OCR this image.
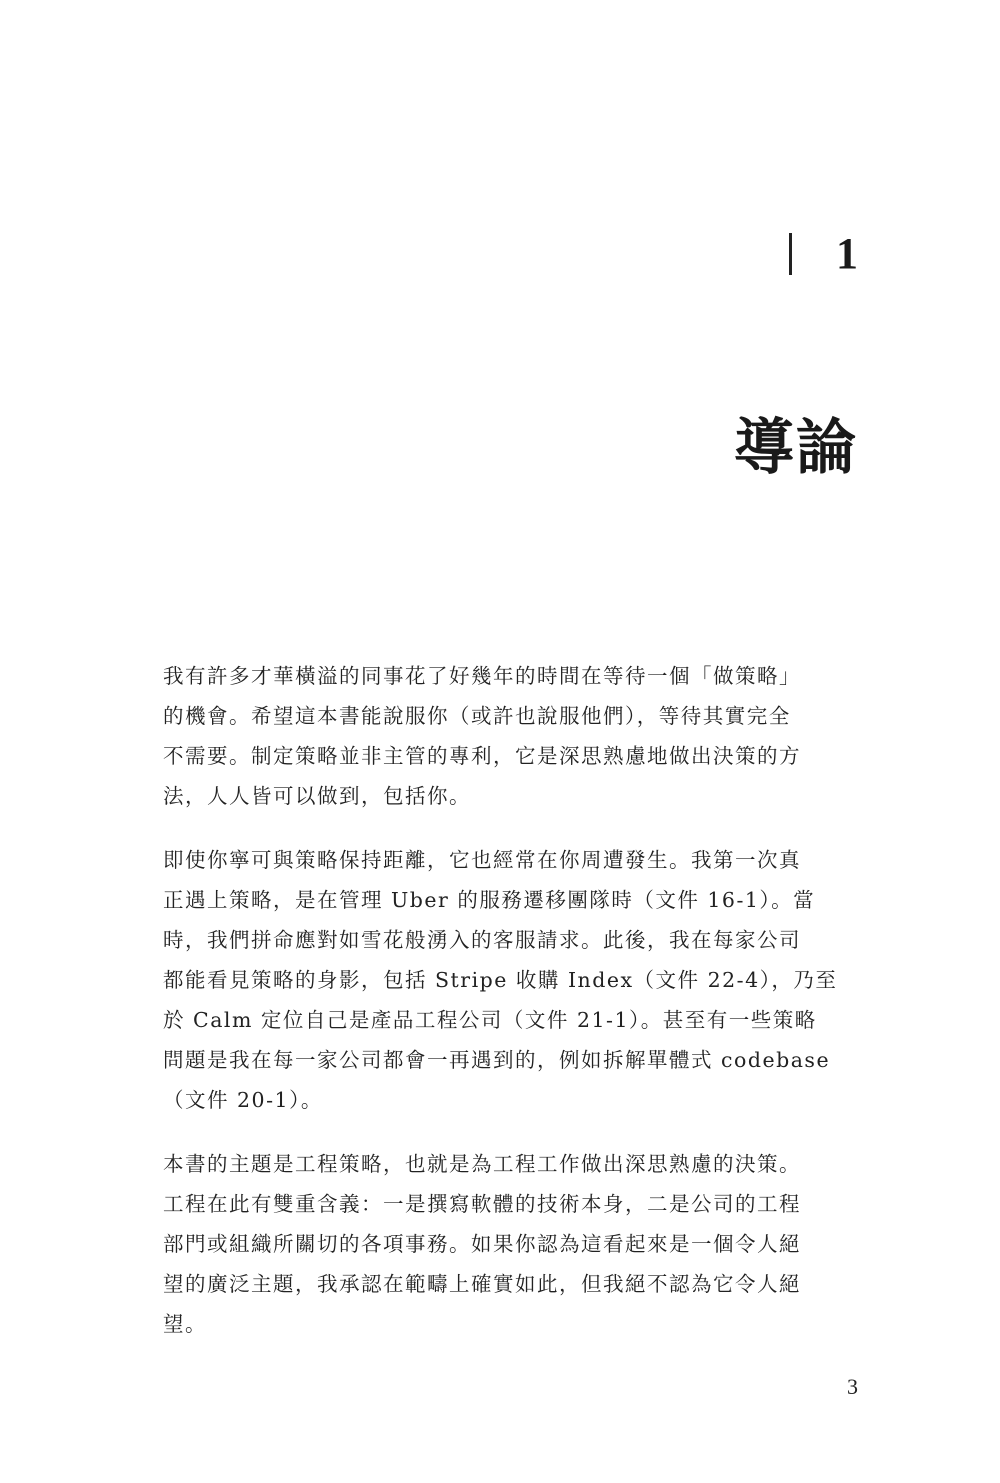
1
導論

我有許多才華橫溢的同事花了好幾年的時間在等待一個「做策略」
的機會。希望這本書能說服你（或許也說服他們），等待其實完全
不需要。制定策略並非主管的專利，它是深思熟慮地做出決策的方
法，人人皆可以做到，包括你。

即使你寧可與策略保持距離，它也經常在你周遭發生。我第一次真
正遇上策略，是在管理 Uber 的服務遷移團隊時（文件 16-1）。當
時，我們拼命應對如雪花般湧入的客服請求。此後，我在每家公司
都能看見策略的身影，包括 Stripe 收購 Index（文件 22-4），乃至
於 Calm 定位自己是產品工程公司（文件 21-1）。甚至有一些策略
問題是我在每一家公司都會一再遇到的，例如拆解單體式 codebase
（文件 20-1）。

本書的主題是工程策略，也就是為工程工作做出深思熟慮的決策。
工程在此有雙重含義：一是撰寫軟體的技術本身，二是公司的工程
部門或組織所關切的各項事務。如果你認為這看起來是一個令人絕
望的廣泛主題，我承認在範疇上確實如此，但我絕不認為它令人絕
望。

3
